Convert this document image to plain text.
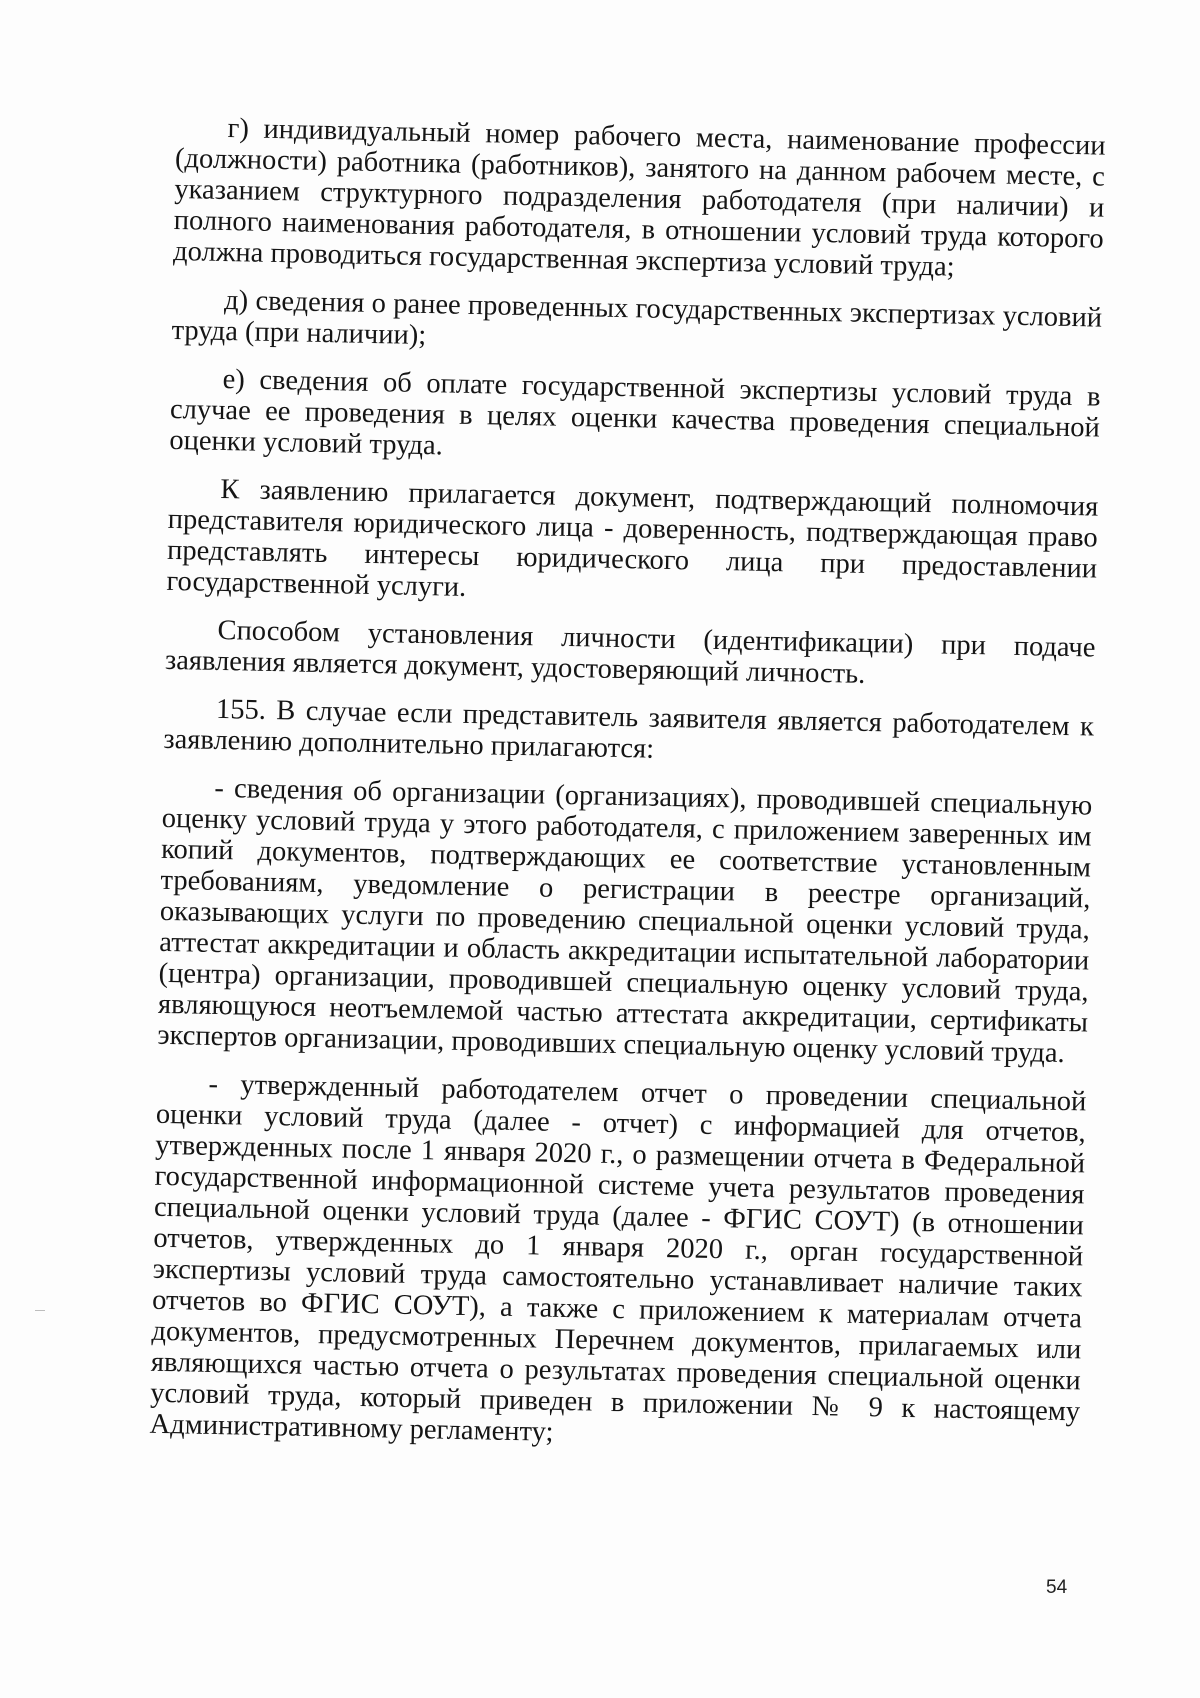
г) индивидуальный номер рабочего места, наименование профессии (должности) работника (работников), занятого на данном рабочем месте, с указанием структурного подразделения работодателя (при наличии) и полного наименования работодателя, в отношении условий труда которого должна проводиться государственная экспертиза условий труда;

д) сведения о ранее проведенных государственных экспертизах условий труда (при наличии);

е) сведения об оплате государственной экспертизы условий труда в случае ее проведения в целях оценки качества проведения специальной оценки условий труда.

К заявлению прилагается документ, подтверждающий полномочия представителя юридического лица - доверенность, подтверждающая право представлять интересы юридического лица при предоставлении государственной услуги.

Способом установления личности (идентификации) при подаче заявления является документ, удостоверяющий личность.

155. В случае если представитель заявителя является работодателем к заявлению дополнительно прилагаются:

- сведения об организации (организациях), проводившей специальную оценку условий труда у этого работодателя, с приложением заверенных им копий документов, подтверждающих ее соответствие установленным требованиям, уведомление о регистрации в реестре организаций, оказывающих услуги по проведению специальной оценки условий труда, аттестат аккредитации и область аккредитации испытательной лаборатории (центра) организации, проводившей специальную оценку условий труда, являющуюся неотъемлемой частью аттестата аккредитации, сертификаты экспертов организации, проводивших специальную оценку условий труда.

- утвержденный работодателем отчет о проведении специальной оценки условий труда (далее - отчет) с информацией для отчетов, утвержденных после 1 января 2020 г., о размещении отчета в Федеральной государственной информационной системе учета результатов проведения специальной оценки условий труда (далее - ФГИС СОУТ) (в отношении отчетов, утвержденных до 1 января 2020 г., орган государственной экспертизы условий труда самостоятельно устанавливает наличие таких отчетов во ФГИС СОУТ), а также с приложением к материалам отчета документов, предусмотренных Перечнем документов, прилагаемых или являющихся частью отчета о результатах проведения специальной оценки условий труда, который приведен в приложении № 9 к настоящему Административному регламенту;

54
